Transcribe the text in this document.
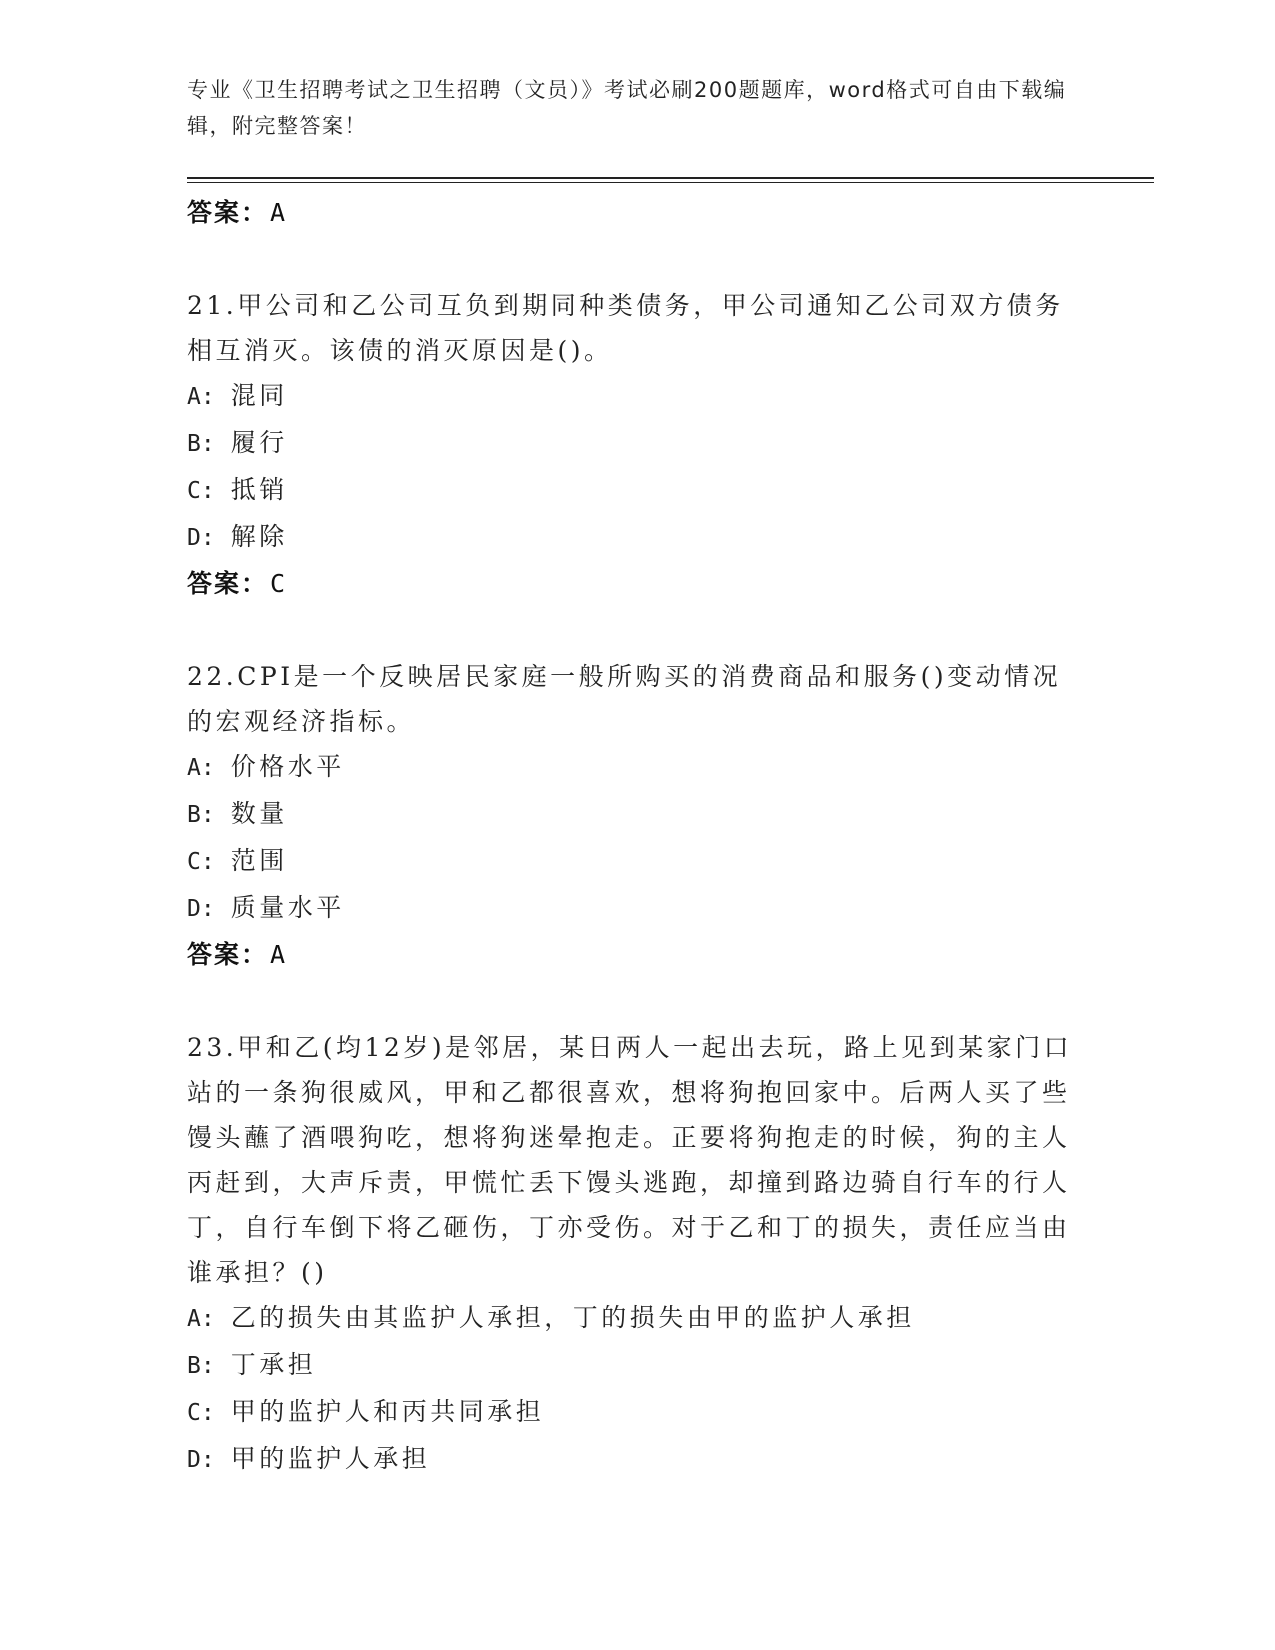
专业《卫生招聘考试之卫生招聘（文员）》考试必刷200题题库，word格式可自由下载编辑，附完整答案！
答案：A
21.甲公司和乙公司互负到期同种类债务，甲公司通知乙公司双方债务相互消灭。该债的消灭原因是()。
A: 混同
B: 履行
C: 抵销
D: 解除
答案：C
22.CPI是一个反映居民家庭一般所购买的消费商品和服务()变动情况的宏观经济指标。
A: 价格水平
B: 数量
C: 范围
D: 质量水平
答案：A
23.甲和乙(均12岁)是邻居，某日两人一起出去玩，路上见到某家门口站的一条狗很威风，甲和乙都很喜欢，想将狗抱回家中。后两人买了些馒头蘸了酒喂狗吃，想将狗迷晕抱走。正要将狗抱走的时候，狗的主人丙赶到，大声斥责，甲慌忙丢下馒头逃跑，却撞到路边骑自行车的行人丁，自行车倒下将乙砸伤，丁亦受伤。对于乙和丁的损失，责任应当由谁承担？()
A: 乙的损失由其监护人承担，丁的损失由甲的监护人承担
B: 丁承担
C: 甲的监护人和丙共同承担
D: 甲的监护人承担
